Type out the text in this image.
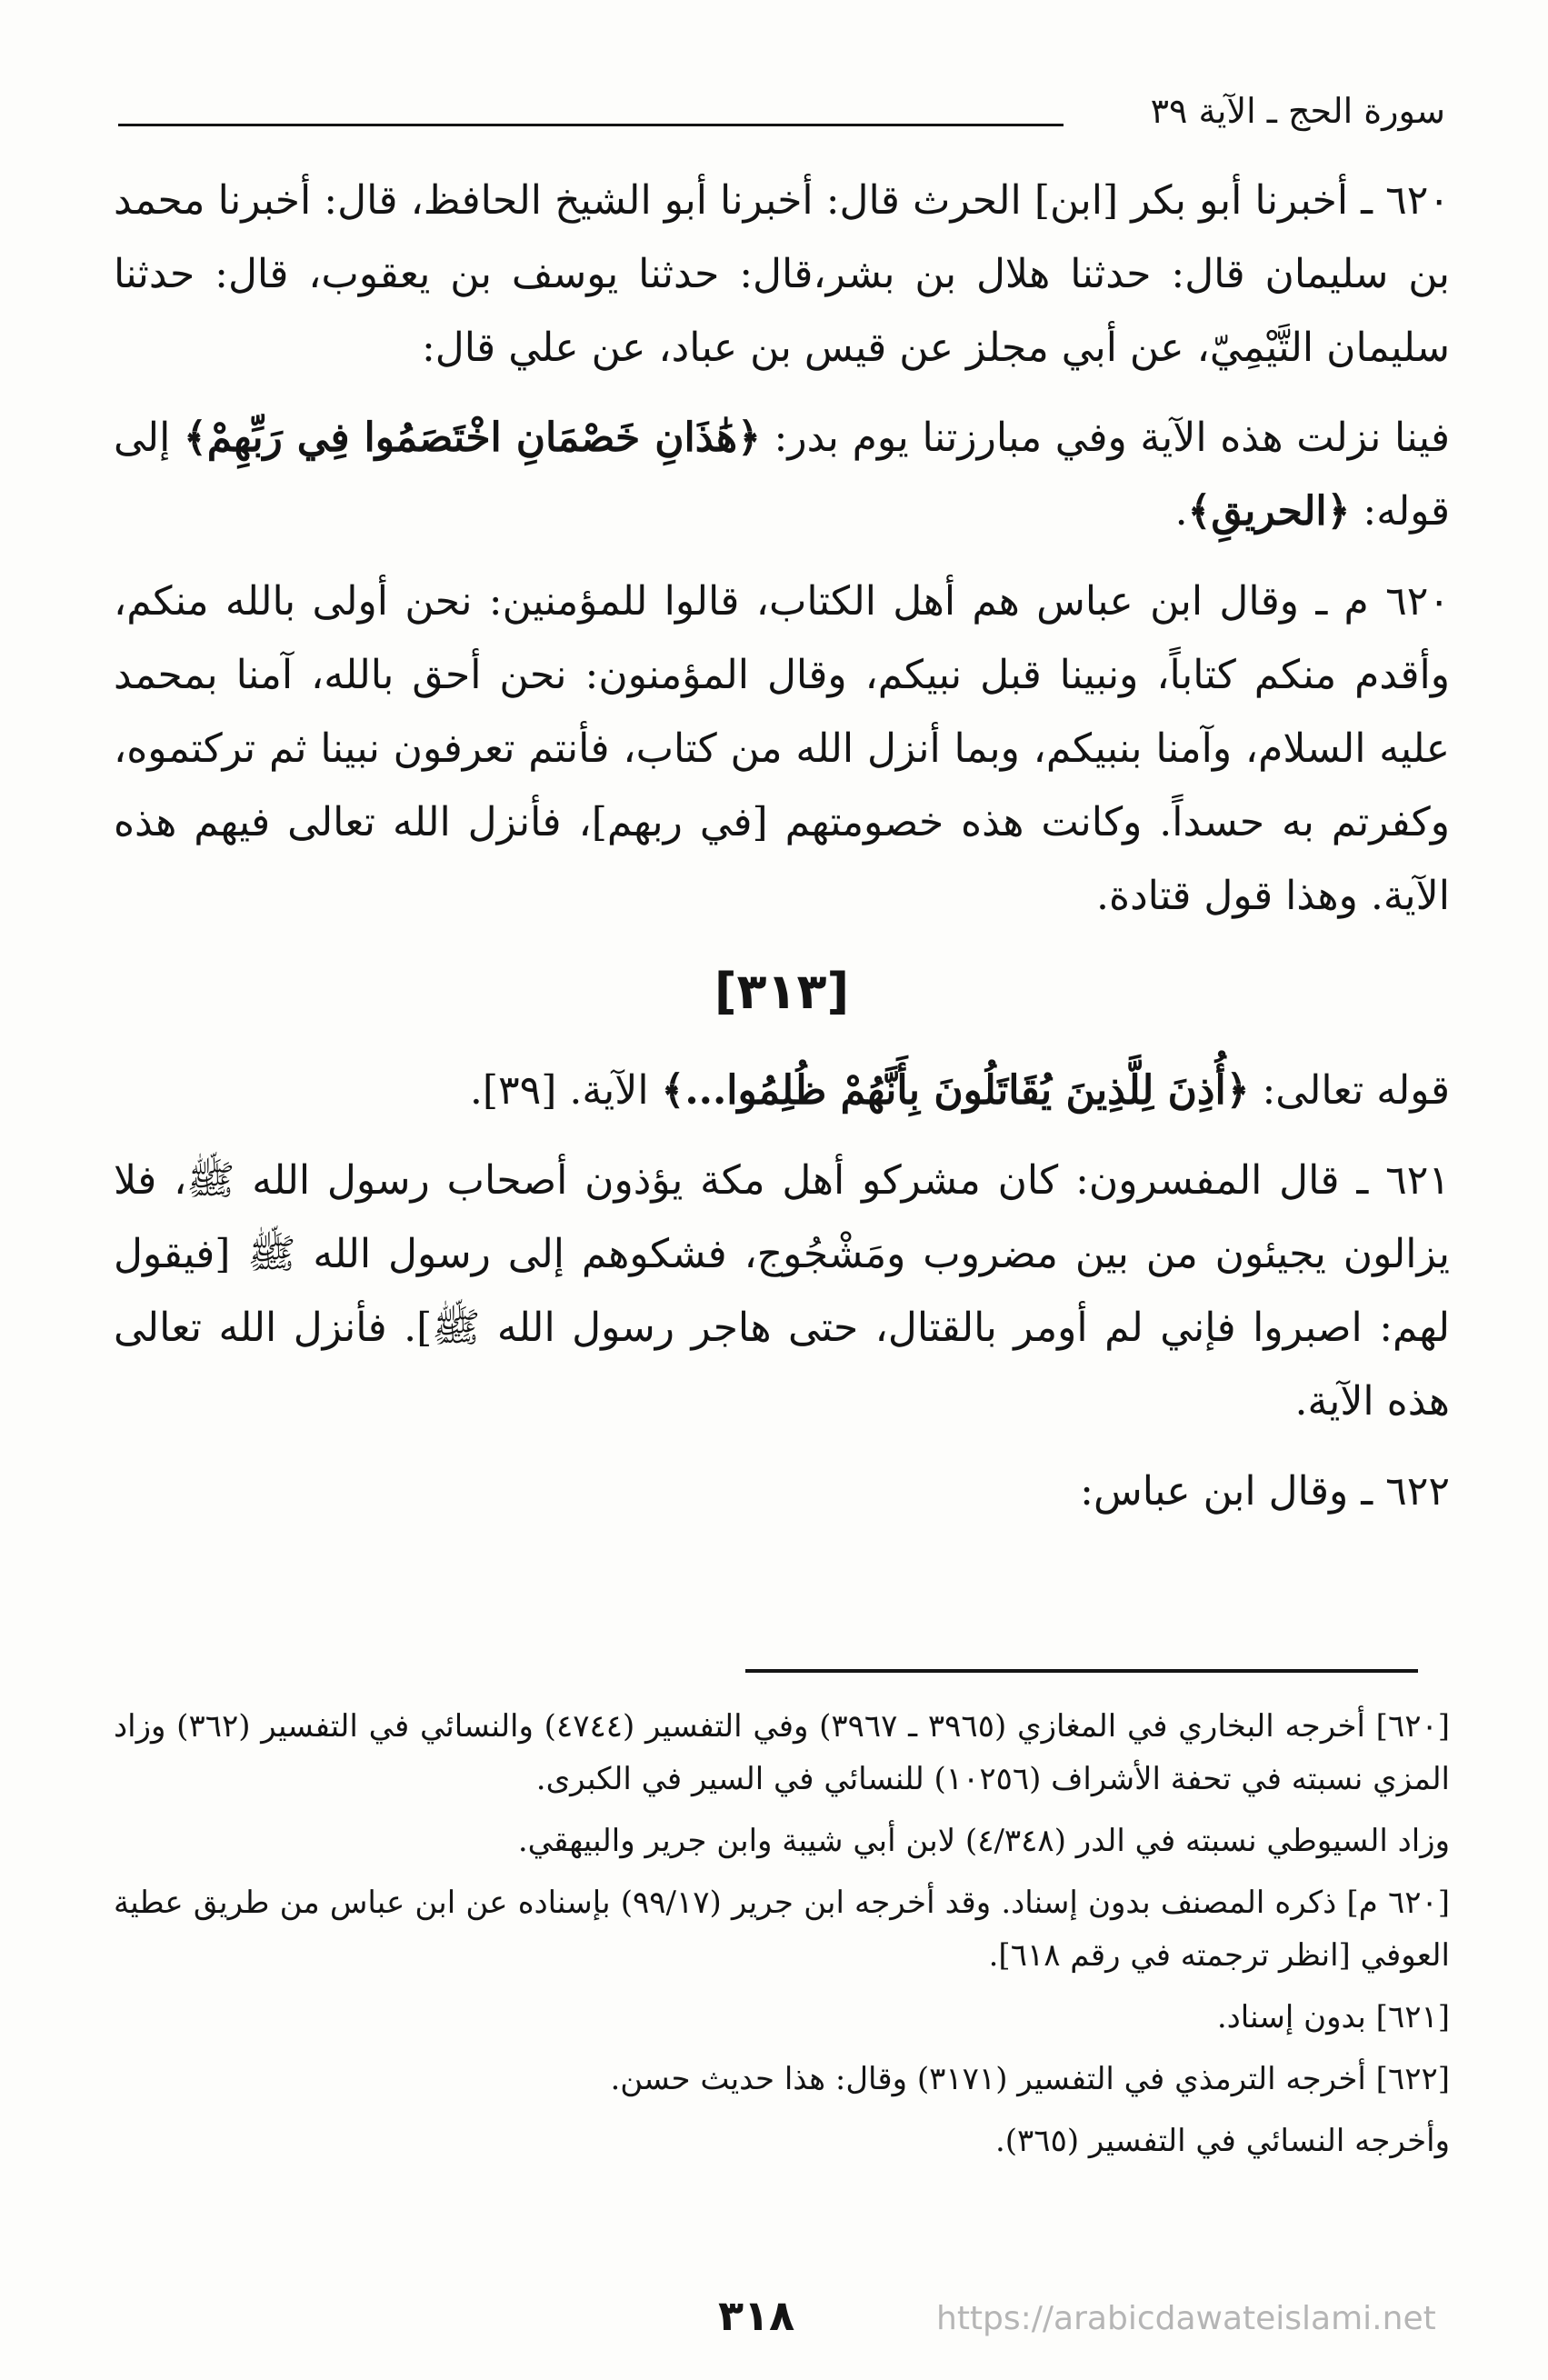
سورة الحج ـ الآية ٣٩

٦٢٠ ـ أخبرنا أبو بكر [ابن] الحرث قال: أخبرنا أبو الشيخ الحافظ، قال: أخبرنا محمد بن سليمان قال: حدثنا هلال بن بشر،قال: حدثنا يوسف بن يعقوب، قال: حدثنا سليمان التَّيْمِيّ، عن أبي مجلز عن قيس بن عباد، عن علي قال:

فينا نزلت هذه الآية وفي مبارزتنا يوم بدر: ﴿هَٰذَانِ خَصْمَانِ اخْتَصَمُوا فِي رَبِّهِمْ﴾ إلى قوله: ﴿الحريقِ﴾.

٦٢٠ م ـ وقال ابن عباس هم أهل الكتاب، قالوا للمؤمنين: نحن أولى بالله منكم، وأقدم منكم كتاباً، ونبينا قبل نبيكم، وقال المؤمنون: نحن أحق بالله، آمنا بمحمد عليه السلام، وآمنا بنبيكم، وبما أنزل الله من كتاب، فأنتم تعرفون نبينا ثم تركتموه، وكفرتم به حسداً. وكانت هذه خصومتهم [في ربهم]، فأنزل الله تعالى فيهم هذه الآية. وهذا قول قتادة.

[٣١٣]

قوله تعالى: ﴿أُذِنَ لِلَّذِينَ يُقَاتَلُونَ بِأَنَّهُمْ ظُلِمُوا...﴾ الآية. [٣٩].

٦٢١ ـ قال المفسرون: كان مشركو أهل مكة يؤذون أصحاب رسول الله ﷺ، فلا يزالون يجيئون من بين مضروب ومَشْجُوج، فشكوهم إلى رسول الله ﷺ [فيقول لهم: اصبروا فإني لم أومر بالقتال، حتى هاجر رسول الله ﷺ]. فأنزل الله تعالى هذه الآية.

٦٢٢ ـ وقال ابن عباس:

[٦٢٠] أخرجه البخاري في المغازي (٣٩٦٥ ـ ٣٩٦٧) وفي التفسير (٤٧٤٤) والنسائي في التفسير (٣٦٢) وزاد المزي نسبته في تحفة الأشراف (١٠٢٥٦) للنسائي في السير في الكبرى.

وزاد السيوطي نسبته في الدر (٤/٣٤٨) لابن أبي شيبة وابن جرير والبيهقي.

[٦٢٠ م] ذكره المصنف بدون إسناد. وقد أخرجه ابن جرير (٩٩/١٧) بإسناده عن ابن عباس من طريق عطية العوفي [انظر ترجمته في رقم ٦١٨].

[٦٢١] بدون إسناد.

[٦٢٢] أخرجه الترمذي في التفسير (٣١٧١) وقال: هذا حديث حسن.

وأخرجه النسائي في التفسير (٣٦٥).

٣١٨	https://arabicdawateislami.net
